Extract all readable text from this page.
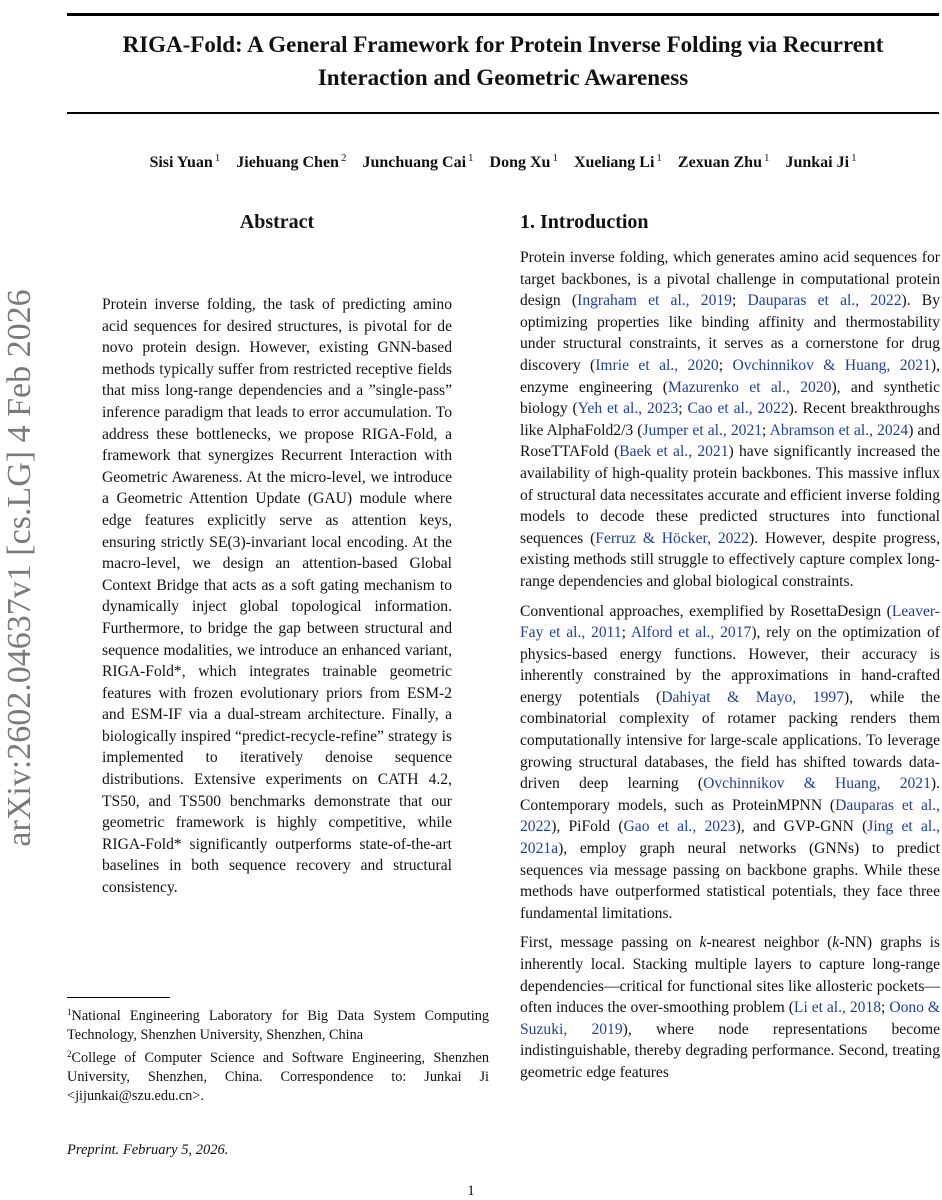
arXiv:2602.04637v1 [cs.LG] 4 Feb 2026
RIGA-Fold: A General Framework for Protein Inverse Folding via Recurrent
Interaction and Geometric Awareness
Sisi Yuan $^1$ Jiehuang Chen $^2$ Junchuang Cai $^1$ Dong Xu $^1$ Xueliang Li $^1$ Zexuan Zhu $^1$ Junkai Ji $^1$
Abstract
Protein inverse folding, the task of predicting amino acid sequences for desired structures, is pivotal for de novo protein design. However, existing GNN-based methods typically suffer from restricted receptive fields that miss long-range dependencies and a ”single-pass” inference paradigm that leads to error accumulation. To address these bottlenecks, we propose RIGA-Fold, a framework that synergizes Recurrent Interaction with Geometric Awareness. At the micro-level, we introduce a Geometric Attention Update (GAU) module where edge features explicitly serve as attention keys, ensuring strictly SE(3)-invariant local encoding. At the macro-level, we design an attention-based Global Context Bridge that acts as a soft gating mechanism to dynamically inject global topological information. Furthermore, to bridge the gap between structural and sequence modalities, we introduce an enhanced variant, RIGA-Fold*, which integrates trainable geometric features with frozen evolutionary priors from ESM-2 and ESM-IF via a dual-stream architecture. Finally, a biologically inspired “predict-recycle-refine” strategy is implemented to iteratively denoise sequence distributions. Extensive experiments on CATH 4.2, TS50, and TS500 benchmarks demonstrate that our geometric framework is highly competitive, while RIGA-Fold* significantly outperforms state-of-the-art baselines in both sequence recovery and structural consistency.
1. Introduction

Protein inverse folding, which generates amino acid sequences for target backbones, is a pivotal challenge in computational protein design (Ingraham et al., 2019; Dauparas et al., 2022). By optimizing properties like binding affinity and thermostability under structural constraints, it serves as a cornerstone for drug discovery (Imrie et al., 2020; Ovchinnikov & Huang, 2021), enzyme engineering (Mazurenko et al., 2020), and synthetic biology (Yeh et al., 2023; Cao et al., 2022). Recent breakthroughs like AlphaFold2/3 (Jumper et al., 2021; Abramson et al., 2024) and RoseTTAFold (Baek et al., 2021) have significantly increased the availability of high-quality protein backbones. This massive influx of structural data necessitates accurate and efficient inverse folding models to decode these predicted structures into functional sequences (Ferruz & Höcker, 2022). However, despite progress, existing methods still struggle to effectively capture complex long-range dependencies and global biological constraints.

Conventional approaches, exemplified by RosettaDesign (Leaver-Fay et al., 2011; Alford et al., 2017), rely on the optimization of physics-based energy functions. However, their accuracy is inherently constrained by the approximations in hand-crafted energy potentials (Dahiyat & Mayo, 1997), while the combinatorial complexity of rotamer packing renders them computationally intensive for large-scale applications. To leverage growing structural databases, the field has shifted towards data-driven deep learning (Ovchinnikov & Huang, 2021). Contemporary models, such as ProteinMPNN (Dauparas et al., 2022), PiFold (Gao et al., 2023), and GVP-GNN (Jing et al., 2021a), employ graph neural networks (GNNs) to predict sequences via message passing on backbone graphs. While these methods have outperformed statistical potentials, they face three fundamental limitations.

First, message passing on k-nearest neighbor (k-NN) graphs is inherently local. Stacking multiple layers to capture long-range dependencies—critical for functional sites like allosteric pockets—often induces the over-smoothing problem (Li et al., 2018; Oono & Suzuki, 2019), where node representations become indistinguishable, thereby degrading performance. Second, treating geometric edge features

$^1$National Engineering Laboratory for Big Data System Computing Technology, Shenzhen University, Shenzhen, China

$^2$College of Computer Science and Software Engineering, Shenzhen University, Shenzhen, China. Correspondence to: Junkai Ji <jijunkai@szu.edu.cn>.

Preprint. February 5, 2026.
1
